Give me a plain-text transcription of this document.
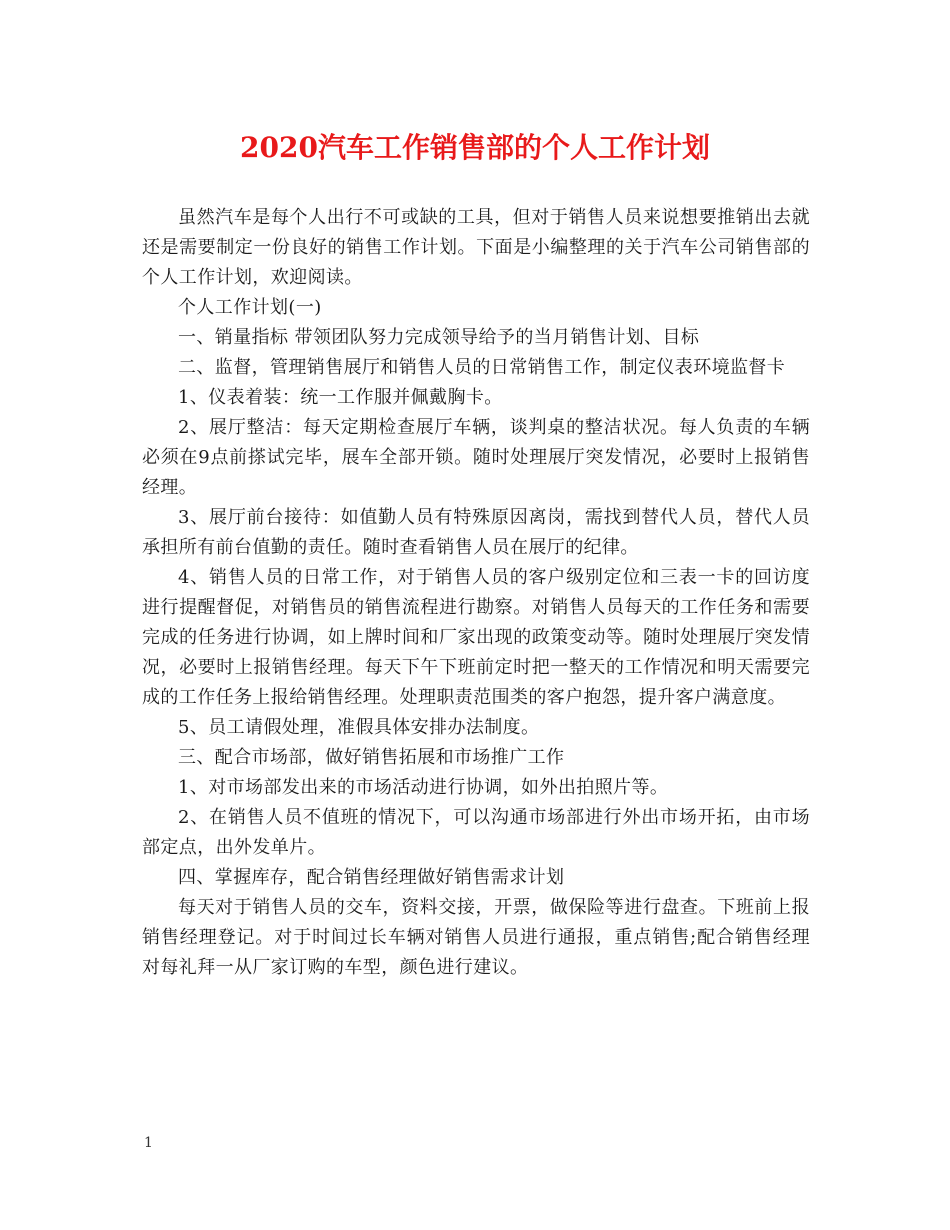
2020汽车工作销售部的个人工作计划

虽然汽车是每个人出行不可或缺的工具，但对于销售人员来说想要推销出去就还是需要制定一份良好的销售工作计划。下面是小编整理的关于汽车公司销售部的个人工作计划，欢迎阅读。

个人工作计划(一)

一、销量指标 带领团队努力完成领导给予的当月销售计划、目标

二、监督，管理销售展厅和销售人员的日常销售工作，制定仪表环境监督卡

1、仪表着装：统一工作服并佩戴胸卡。

2、展厅整洁：每天定期检查展厅车辆，谈判桌的整洁状况。每人负责的车辆必须在9点前搽试完毕，展车全部开锁。随时处理展厅突发情况，必要时上报销售经理。

3、展厅前台接待：如值勤人员有特殊原因离岗，需找到替代人员，替代人员承担所有前台值勤的责任。随时查看销售人员在展厅的纪律。

4、销售人员的日常工作，对于销售人员的客户级别定位和三表一卡的回访度进行提醒督促，对销售员的销售流程进行勘察。对销售人员每天的工作任务和需要完成的任务进行协调，如上牌时间和厂家出现的政策变动等。随时处理展厅突发情况，必要时上报销售经理。每天下午下班前定时把一整天的工作情况和明天需要完成的工作任务上报给销售经理。处理职责范围类的客户抱怨，提升客户满意度。

5、员工请假处理，准假具体安排办法制度。

三、配合市场部，做好销售拓展和市场推广工作

1、对市场部发出来的市场活动进行协调，如外出拍照片等。

2、在销售人员不值班的情况下，可以沟通市场部进行外出市场开拓，由市场部定点，出外发单片。

四、掌握库存，配合销售经理做好销售需求计划

每天对于销售人员的交车，资料交接，开票，做保险等进行盘查。下班前上报销售经理登记。对于时间过长车辆对销售人员进行通报，重点销售;配合销售经理对每礼拜一从厂家订购的车型，颜色进行建议。

1
